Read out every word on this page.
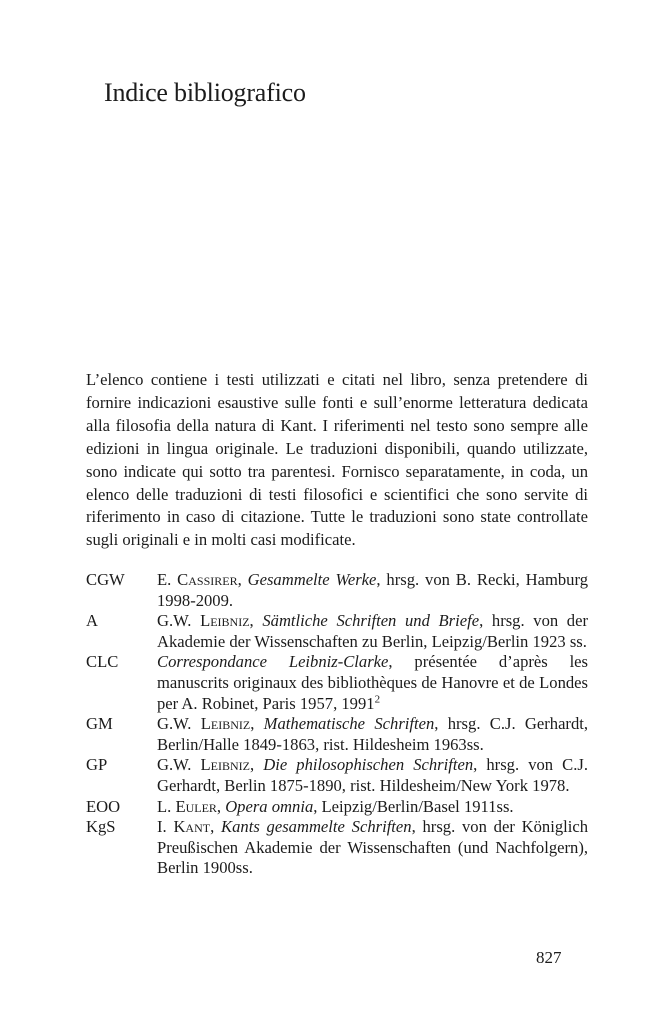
Indice bibliografico

L’elenco contiene i testi utilizzati e citati nel libro, senza pretendere di fornire indicazioni esaustive sulle fonti e sull’enorme letteratura dedicata alla filosofia della natura di Kant. I riferimenti nel testo sono sempre alle edizioni in lingua originale. Le traduzioni disponibili, quando utilizzate, sono indicate qui sotto tra parentesi. Fornisco separatamente, in coda, un elenco delle traduzioni di testi filosofici e scientifici che sono servite di riferimento in caso di citazione. Tutte le traduzioni sono state controllate sugli originali e in molti casi modificate.

CGW	E. Cassirer, Gesammelte Werke, hrsg. von B. Recki, Hamburg 1998-2009.
A	G.W. Leibniz, Sämtliche Schriften und Briefe, hrsg. von der Akademie der Wissenschaften zu Berlin, Leipzig/Berlin 1923 ss.
CLC	Correspondance Leibniz-Clarke, présentée d’après les manuscrits originaux des bibliothèques de Hanovre et de Londes per A. Robinet, Paris 1957, 1991$^2$
GM	G.W. Leibniz, Mathematische Schriften, hrsg. C.J. Gerhardt, Berlin/Halle 1849-1863, rist. Hildesheim 1963ss.
GP	G.W. Leibniz, Die philosophischen Schriften, hrsg. von C.J. Gerhardt, Berlin 1875-1890, rist. Hildesheim/New York 1978.
EOO	L. Euler, Opera omnia, Leipzig/Berlin/Basel 1911ss.
KgS	I. Kant, Kants gesammelte Schriften, hrsg. von der Königlich Preußischen Akademie der Wissenschaften (und Nachfolgern), Berlin 1900ss.
827
